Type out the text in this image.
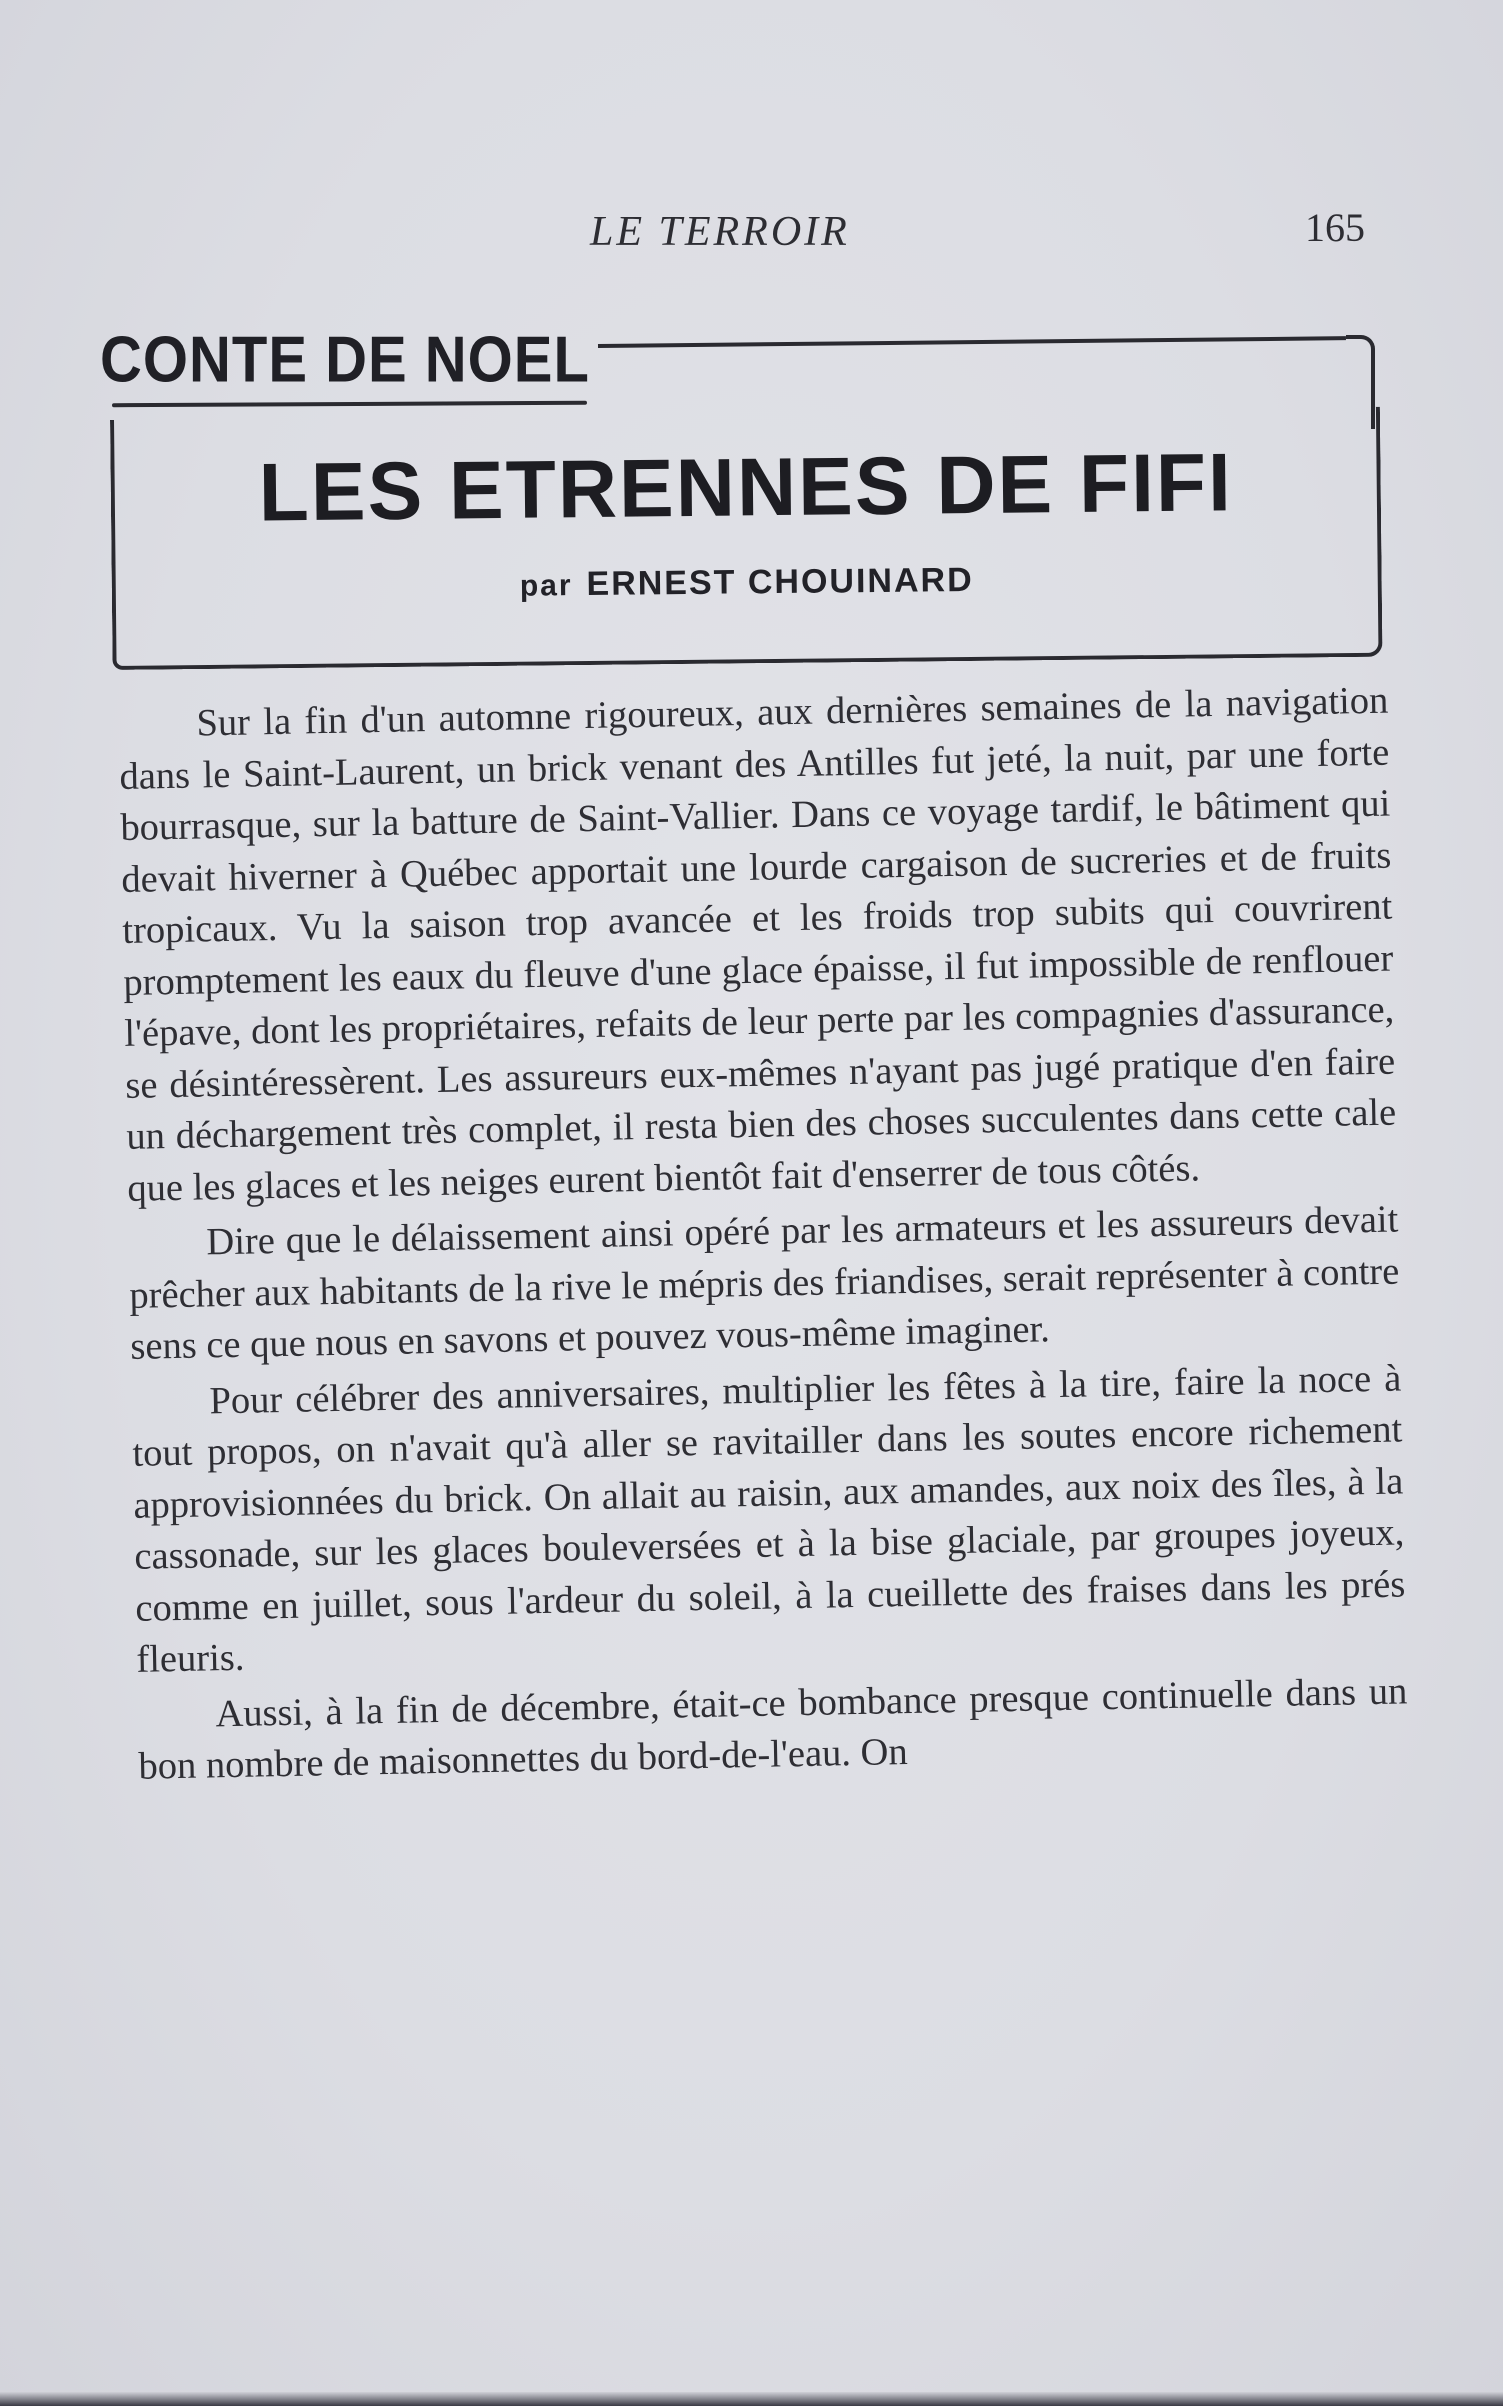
LE TERROIR	165
CONTE DE NOEL
LES ETRENNES DE FIFI
par ERNEST CHOUINARD

Sur la fin d'un automne rigoureux, aux dernières semaines de la navigation dans le Saint-Laurent, un brick venant des Antilles fut jeté, la nuit, par une forte bourrasque, sur la batture de Saint-Vallier. Dans ce voyage tardif, le bâtiment qui devait hiverner à Québec apportait une lourde cargaison de sucreries et de fruits tropicaux. Vu la saison trop avancée et les froids trop subits qui couvrirent promptement les eaux du fleuve d'une glace épaisse, il fut impossible de renflouer l'épave, dont les propriétaires, refaits de leur perte par les compagnies d'assurance, se désintéressèrent. Les assureurs eux-mêmes n'ayant pas jugé pratique d'en faire un déchargement très complet, il resta bien des choses succulentes dans cette cale que les glaces et les neiges eurent bientôt fait d'enserrer de tous côtés.

Dire que le délaissement ainsi opéré par les armateurs et les assureurs devait prêcher aux habitants de la rive le mépris des friandises, serait représenter à contre sens ce que nous en savons et pouvez vous-même imaginer.

Pour célébrer des anniversaires, multiplier les fêtes à la tire, faire la noce à tout propos, on n'avait qu'à aller se ravitailler dans les soutes encore richement approvisionnées du brick. On allait au raisin, aux amandes, aux noix des îles, à la cassonade, sur les glaces bouleversées et à la bise glaciale, par groupes joyeux, comme en juillet, sous l'ardeur du soleil, à la cueillette des fraises dans les prés fleuris.

Aussi, à la fin de décembre, était-ce bombance presque continuelle dans un bon nombre de maisonnettes du bord-de-l'eau. On
